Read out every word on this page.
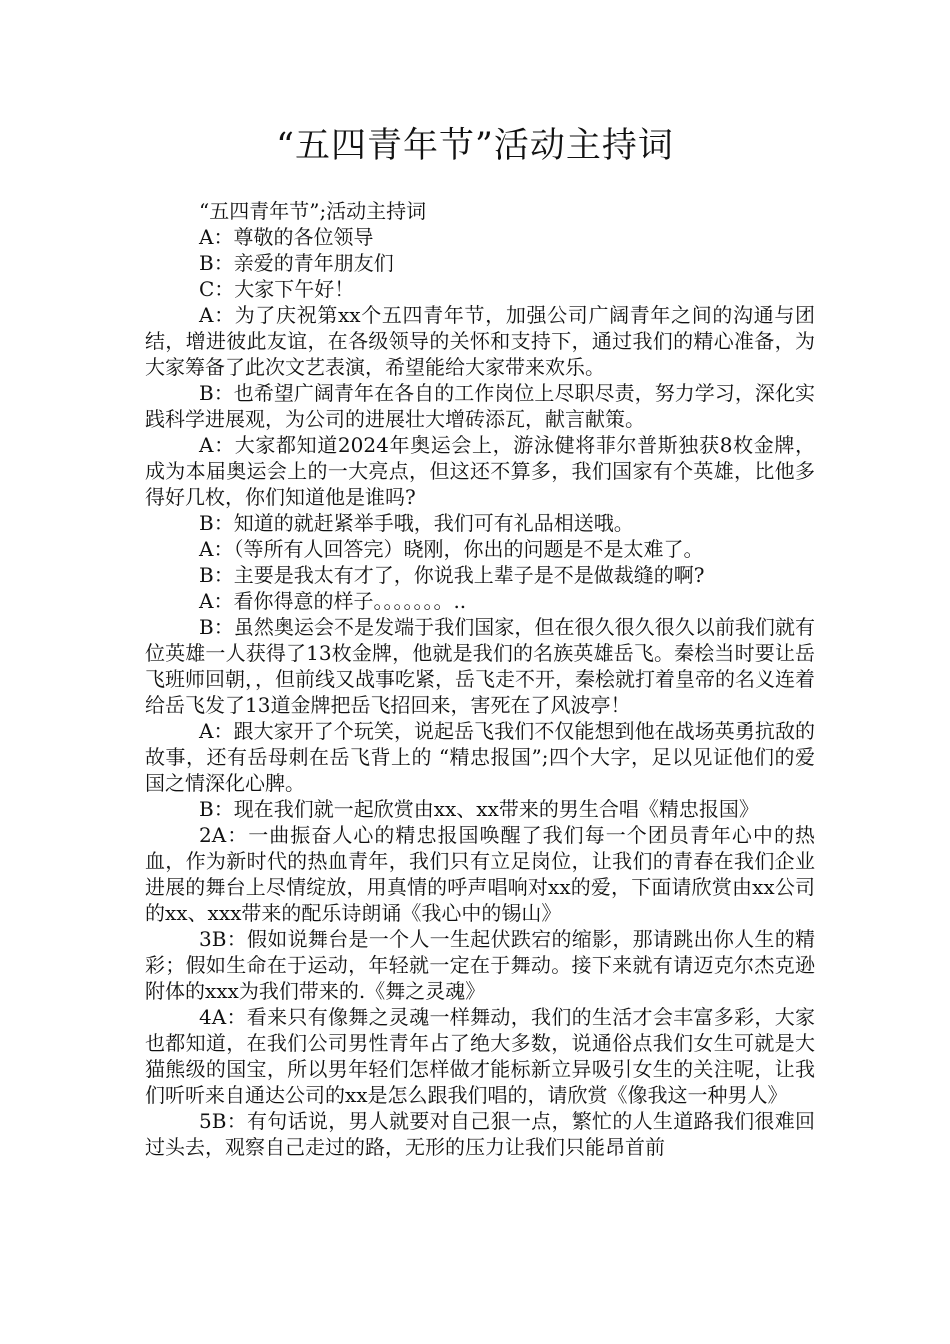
“五四青年节”活动主持词

“五四青年节”;活动主持词

A：尊敬的各位领导

B：亲爱的青年朋友们

C：大家下午好！

A：为了庆祝第xx个五四青年节，加强公司广阔青年之间的沟通与团结，增进彼此友谊，在各级领导的关怀和支持下，通过我们的精心准备，为大家筹备了此次文艺表演，希望能给大家带来欢乐。

B：也希望广阔青年在各自的工作岗位上尽职尽责，努力学习，深化实践科学进展观，为公司的进展壮大增砖添瓦，献言献策。

A：大家都知道2024年奥运会上，游泳健将菲尔普斯独获8枚金牌，成为本届奥运会上的一大亮点，但这还不算多，我们国家有个英雄，比他多得好几枚，你们知道他是谁吗?

B：知道的就赶紧举手哦，我们可有礼品相送哦。

A：（等所有人回答完）晓刚，你出的问题是不是太难了。

B：主要是我太有才了，你说我上辈子是不是做裁缝的啊?

A：看你得意的样子。。。。。。。..

B：虽然奥运会不是发端于我们国家，但在很久很久很久以前我们就有位英雄一人获得了13枚金牌，他就是我们的名族英雄岳飞。秦桧当时要让岳飞班师回朝，，但前线又战事吃紧，岳飞走不开，秦桧就打着皇帝的名义连着给岳飞发了13道金牌把岳飞招回来，害死在了风波亭！

A：跟大家开了个玩笑，说起岳飞我们不仅能想到他在战场英勇抗敌的故事，还有岳母刺在岳飞背上的 “精忠报国”;四个大字，足以见证他们的爱国之情深化心脾。

B：现在我们就一起欣赏由xx、xx带来的男生合唱《精忠报国》

2A：一曲振奋人心的精忠报国唤醒了我们每一个团员青年心中的热血，作为新时代的热血青年，我们只有立足岗位，让我们的青春在我们企业进展的舞台上尽情绽放，用真情的呼声唱响对xx的爱，下面请欣赏由xx公司的xx、xxx带来的配乐诗朗诵《我心中的锡山》

3B：假如说舞台是一个人一生起伏跌宕的缩影，那请跳出你人生的精彩；假如生命在于运动，年轻就一定在于舞动。接下来就有请迈克尔杰克逊附体的xxx为我们带来的.《舞之灵魂》

4A：看来只有像舞之灵魂一样舞动，我们的生活才会丰富多彩，大家也都知道，在我们公司男性青年占了绝大多数，说通俗点我们女生可就是大猫熊级的国宝，所以男年轻们怎样做才能标新立异吸引女生的关注呢，让我们听听来自通达公司的xx是怎么跟我们唱的，请欣赏《像我这一种男人》

5B：有句话说，男人就要对自己狠一点，繁忙的人生道路我们很难回过头去，观察自己走过的路，无形的压力让我们只能昂首前
